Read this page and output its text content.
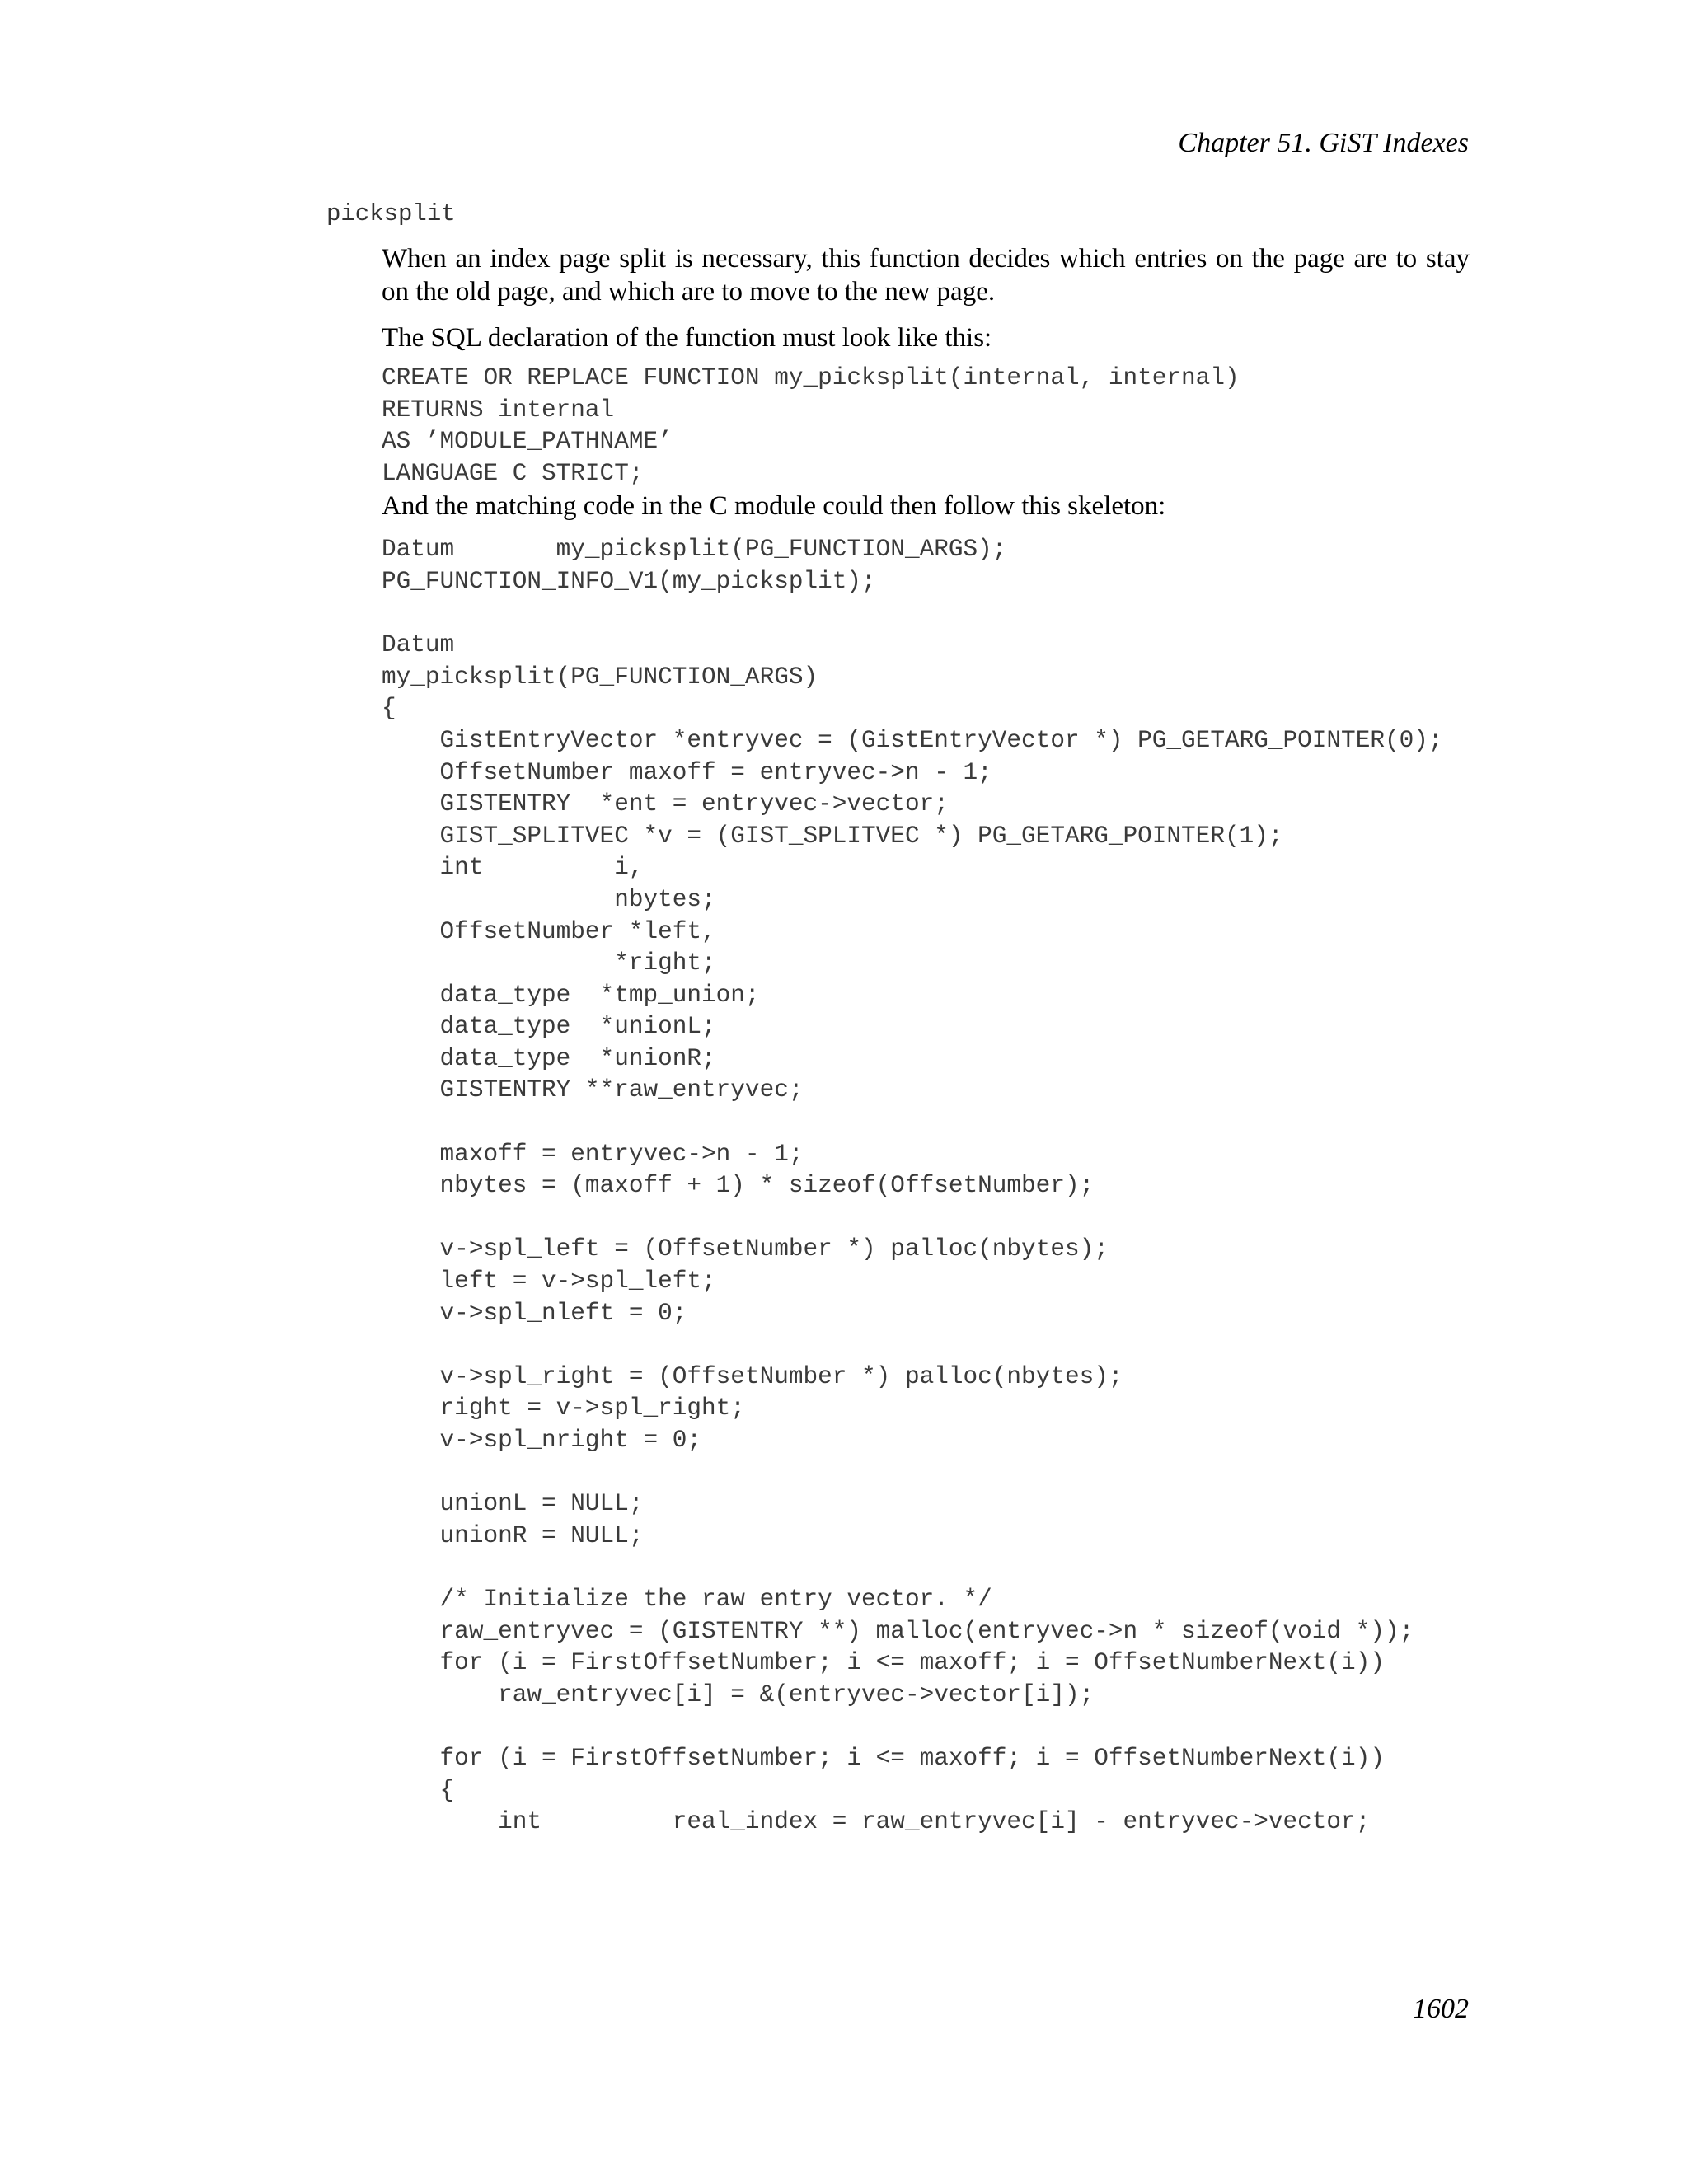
Chapter 51. GiST Indexes
picksplit

When an index page split is necessary, this function decides which entries on the page are to stay on the old page, and which are to move to the new page.

The SQL declaration of the function must look like this:

CREATE OR REPLACE FUNCTION my_picksplit(internal, internal)
RETURNS internal
AS ’MODULE_PATHNAME’
LANGUAGE C STRICT;

And the matching code in the C module could then follow this skeleton:

Datum       my_picksplit(PG_FUNCTION_ARGS);
PG_FUNCTION_INFO_V1(my_picksplit);

Datum
my_picksplit(PG_FUNCTION_ARGS)
{
GistEntryVector *entryvec = (GistEntryVector *) PG_GETARG_POINTER(0);
OffsetNumber maxoff = entryvec->n - 1;
GISTENTRY  *ent = entryvec->vector;
GIST_SPLITVEC *v = (GIST_SPLITVEC *) PG_GETARG_POINTER(1);
int         i,
nbytes;
OffsetNumber *left,
*right;
data_type  *tmp_union;
data_type  *unionL;
data_type  *unionR;
GISTENTRY **raw_entryvec;

maxoff = entryvec->n - 1;
nbytes = (maxoff + 1) * sizeof(OffsetNumber);

v->spl_left = (OffsetNumber *) palloc(nbytes);
left = v->spl_left;
v->spl_nleft = 0;

v->spl_right = (OffsetNumber *) palloc(nbytes);
right = v->spl_right;
v->spl_nright = 0;

unionL = NULL;
unionR = NULL;

/* Initialize the raw entry vector. */
raw_entryvec = (GISTENTRY **) malloc(entryvec->n * sizeof(void *));
for (i = FirstOffsetNumber; i <= maxoff; i = OffsetNumberNext(i))
raw_entryvec[i] = &(entryvec->vector[i]);

for (i = FirstOffsetNumber; i <= maxoff; i = OffsetNumberNext(i))
{
int         real_index = raw_entryvec[i] - entryvec->vector;
1602
